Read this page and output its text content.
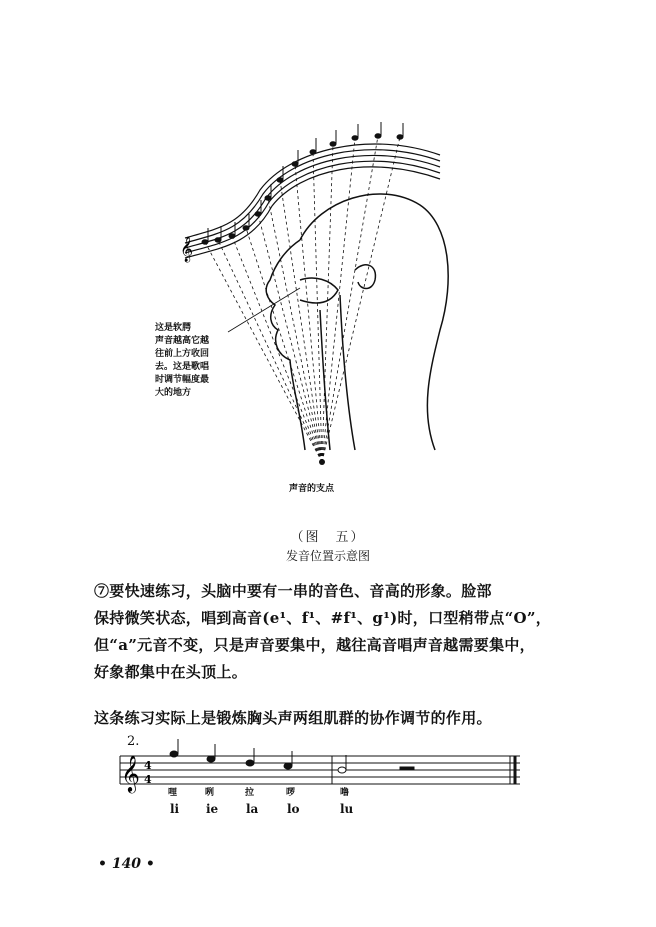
𝄞
这是软腭
声音越高它越
往前上方收回
去。这是歌唱
时调节幅度最
大的地方
声音的支点
（图　五）
发音位置示意图
⑦要快速练习，头脑中要有一串的音色、音高的形象。脸部
保持微笑状态，唱到高音(e¹、f¹、#f¹、g¹)时，口型稍带点“O”，
但“a”元音不变，只是声音要集中，越往高音唱声音越需要集中，
好象都集中在头顶上。
这条练习实际上是锻炼胸头声两组肌群的协作调节的作用。
2.
𝄞 4
4
哩	咧	拉	啰	噜
li ie la lo	lu
• 140 •
